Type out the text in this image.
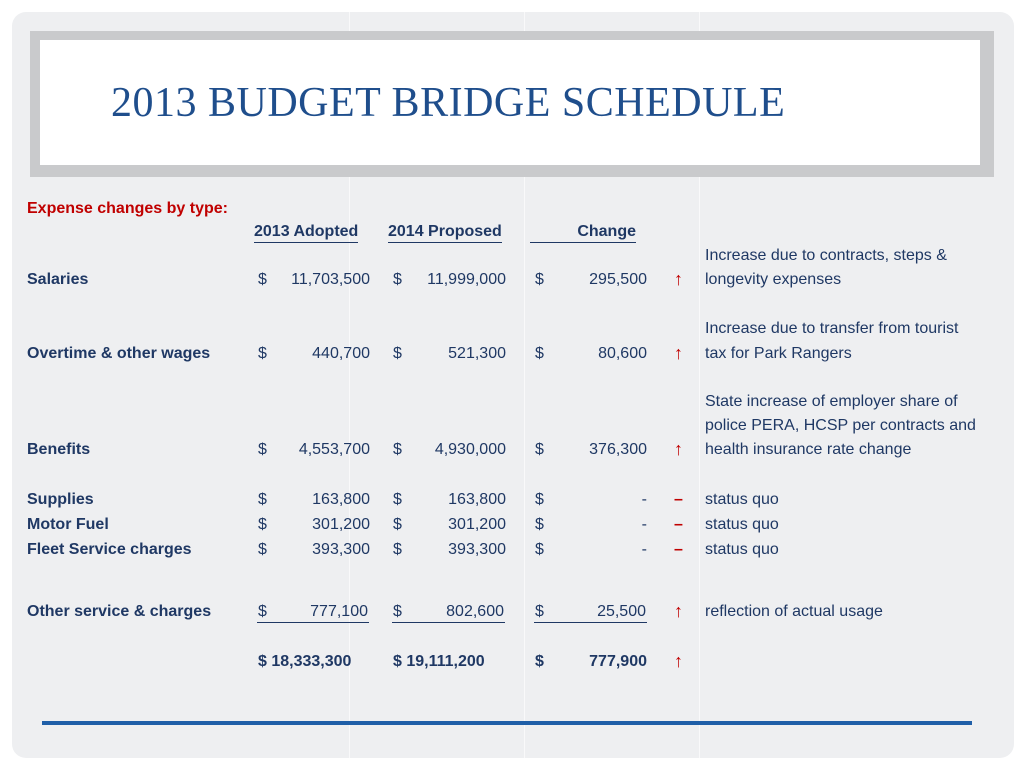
2013 BUDGET BRIDGE SCHEDULE
Expense changes by type:
2013 Adopted 2014 Proposed	Change
Salaries	$	11,703,500 $	11,999,000 $	295,500 ↑
Increase due to contracts, steps &
longevity expenses
Overtime & other wages	$	440,700 $	521,300 $	80,600 ↑
Increase due to transfer from tourist
tax for Park Rangers
Benefits	$	4,553,700 $	4,930,000 $	376,300 ↑
State increase of employer share of
police PERA, HCSP per contracts and
health insurance rate change
Supplies	$	163,800 $	163,800 $	- – status quo
Motor Fuel	$	301,200 $	301,200 $	- – status quo
Fleet Service charges	$	393,300 $	393,300 $	- – status quo
Other service & charges	$	777,100 $	802,600 $	25,500 ↑ reflection of actual usage
$ 18,333,300	$ 19,111,200	$	777,900 ↑
